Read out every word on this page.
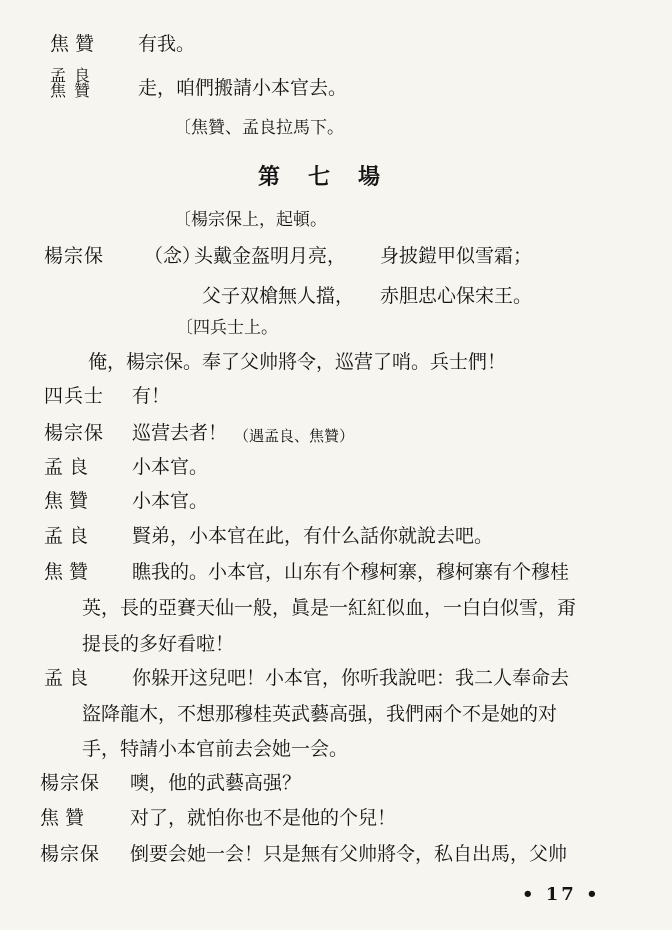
焦贊	有我。
孟良
焦贊	走，咱們搬請小本官去。
〔焦贊、孟良拉馬下。
第七場
〔楊宗保上，起頓。
楊宗保 （念）
头戴金盔明月亮， 身披鎧甲似雪霜；
父子双槍無人擋， 赤胆忠心保宋王。
〔四兵士上。
俺，楊宗保。奉了父帅將令，巡营了哨。兵士們！
四兵士 有！
楊宗保 巡营去者！ （遇孟良、焦贊）
孟良 小本官。
焦贊 小本官。
孟良 賢弟，小本官在此，有什么話你就說去吧。
焦贊 瞧我的。小本官，山东有个穆柯寨，穆柯寨有个穆桂
英，長的亞賽天仙一般，眞是一紅紅似血，一白白似雪，甭
提長的多好看啦！
孟良 你躲开这兒吧！小本官，你听我說吧：我二人奉命去
盜降龍木，不想那穆桂英武藝高强，我們兩个不是她的对
手，特請小本官前去会她一会。
楊宗保 噢，他的武藝高强？
焦贊 对了，就怕你也不是他的个兒！
楊宗保 倒要会她一会！只是無有父帅將令，私自出馬，父帅
• 17 •
